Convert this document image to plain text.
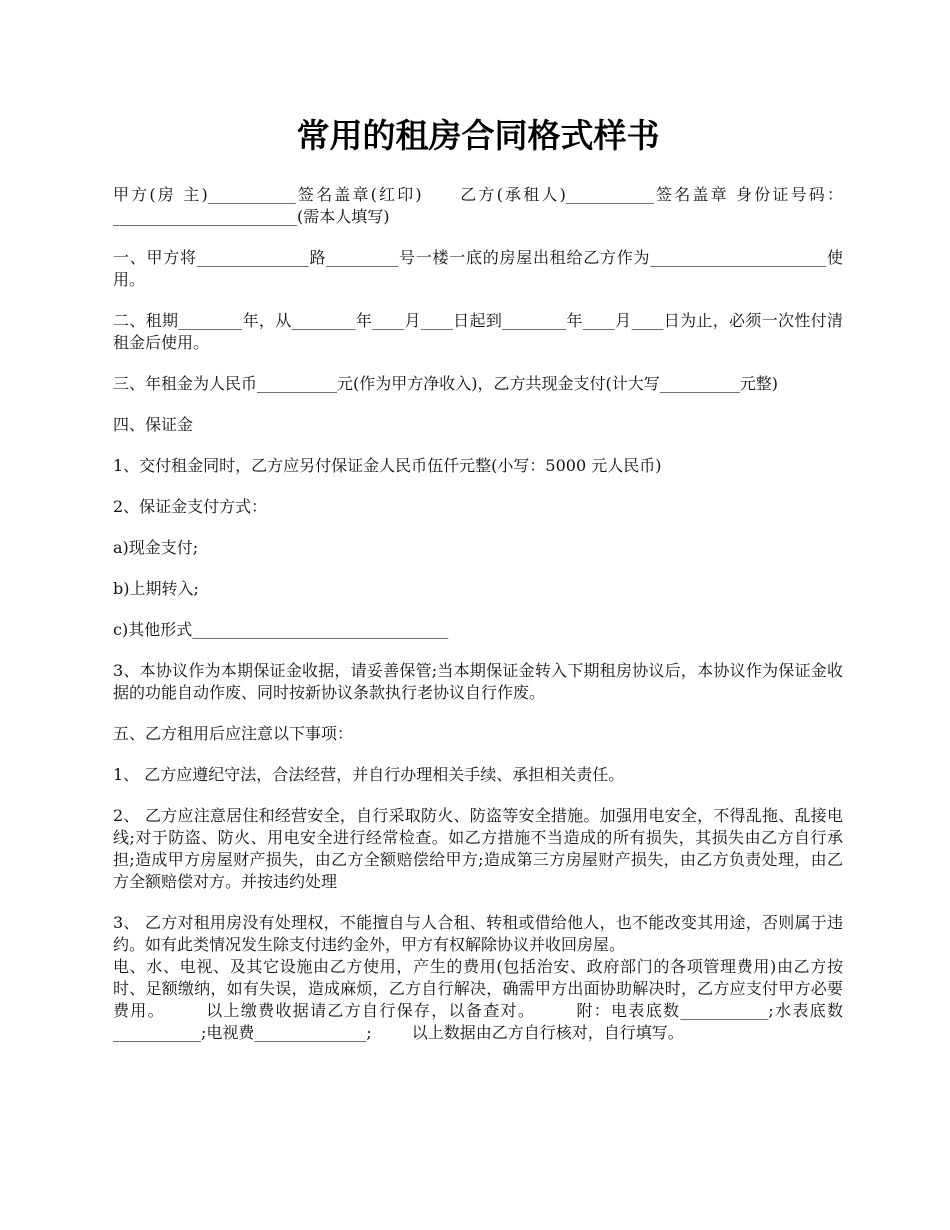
常用的租房合同格式样书

甲方(房 主)___________签名盖章(红印)　　乙方(承租人)___________签名盖章 身份证号码：_______________________(需本人填写)

一、甲方将______________路_________号一楼一底的房屋出租给乙方作为______________________使用。

二、租期________年，从________年____月____日起到________年____月____日为止，必须一次性付清租金后使用。

三、年租金为人民币__________元(作为甲方净收入)，乙方共现金支付(计大写__________元整)

四、保证金

1、交付租金同时，乙方应另付保证金人民币伍仟元整(小写：5000 元人民币)

2、保证金支付方式：

a)现金支付;

b)上期转入;

c)其他形式________________________________

3、本协议作为本期保证金收据，请妥善保管;当本期保证金转入下期租房协议后，本协议作为保证金收据的功能自动作废、同时按新协议条款执行老协议自行作废。

五、乙方租用后应注意以下事项：

1、 乙方应遵纪守法，合法经营，并自行办理相关手续、承担相关责任。

2、 乙方应注意居住和经营安全，自行采取防火、防盗等安全措施。加强用电安全，不得乱拖、乱接电线;对于防盗、防火、用电安全进行经常检查。如乙方措施不当造成的所有损失，其损失由乙方自行承担;造成甲方房屋财产损失，由乙方全额赔偿给甲方;造成第三方房屋财产损失，由乙方负责处理，由乙方全额赔偿对方。并按违约处理

3、 乙方对租用房没有处理权，不能擅自与人合租、转租或借给他人，也不能改变其用途，否则属于违约。如有此类情况发生除支付违约金外，甲方有权解除协议并收回房屋。

电、水、电视、及其它设施由乙方使用，产生的费用(包括治安、政府部门的各项管理费用)由乙方按时、足额缴纳，如有失误，造成麻烦，乙方自行解决，确需甲方出面协助解决时，乙方应支付甲方必要费用。	以上缴费收据请乙方自行保存，以备查对。	附：电表底数___________;水表底数___________;电视费______________;	以上数据由乙方自行核对，自行填写。
